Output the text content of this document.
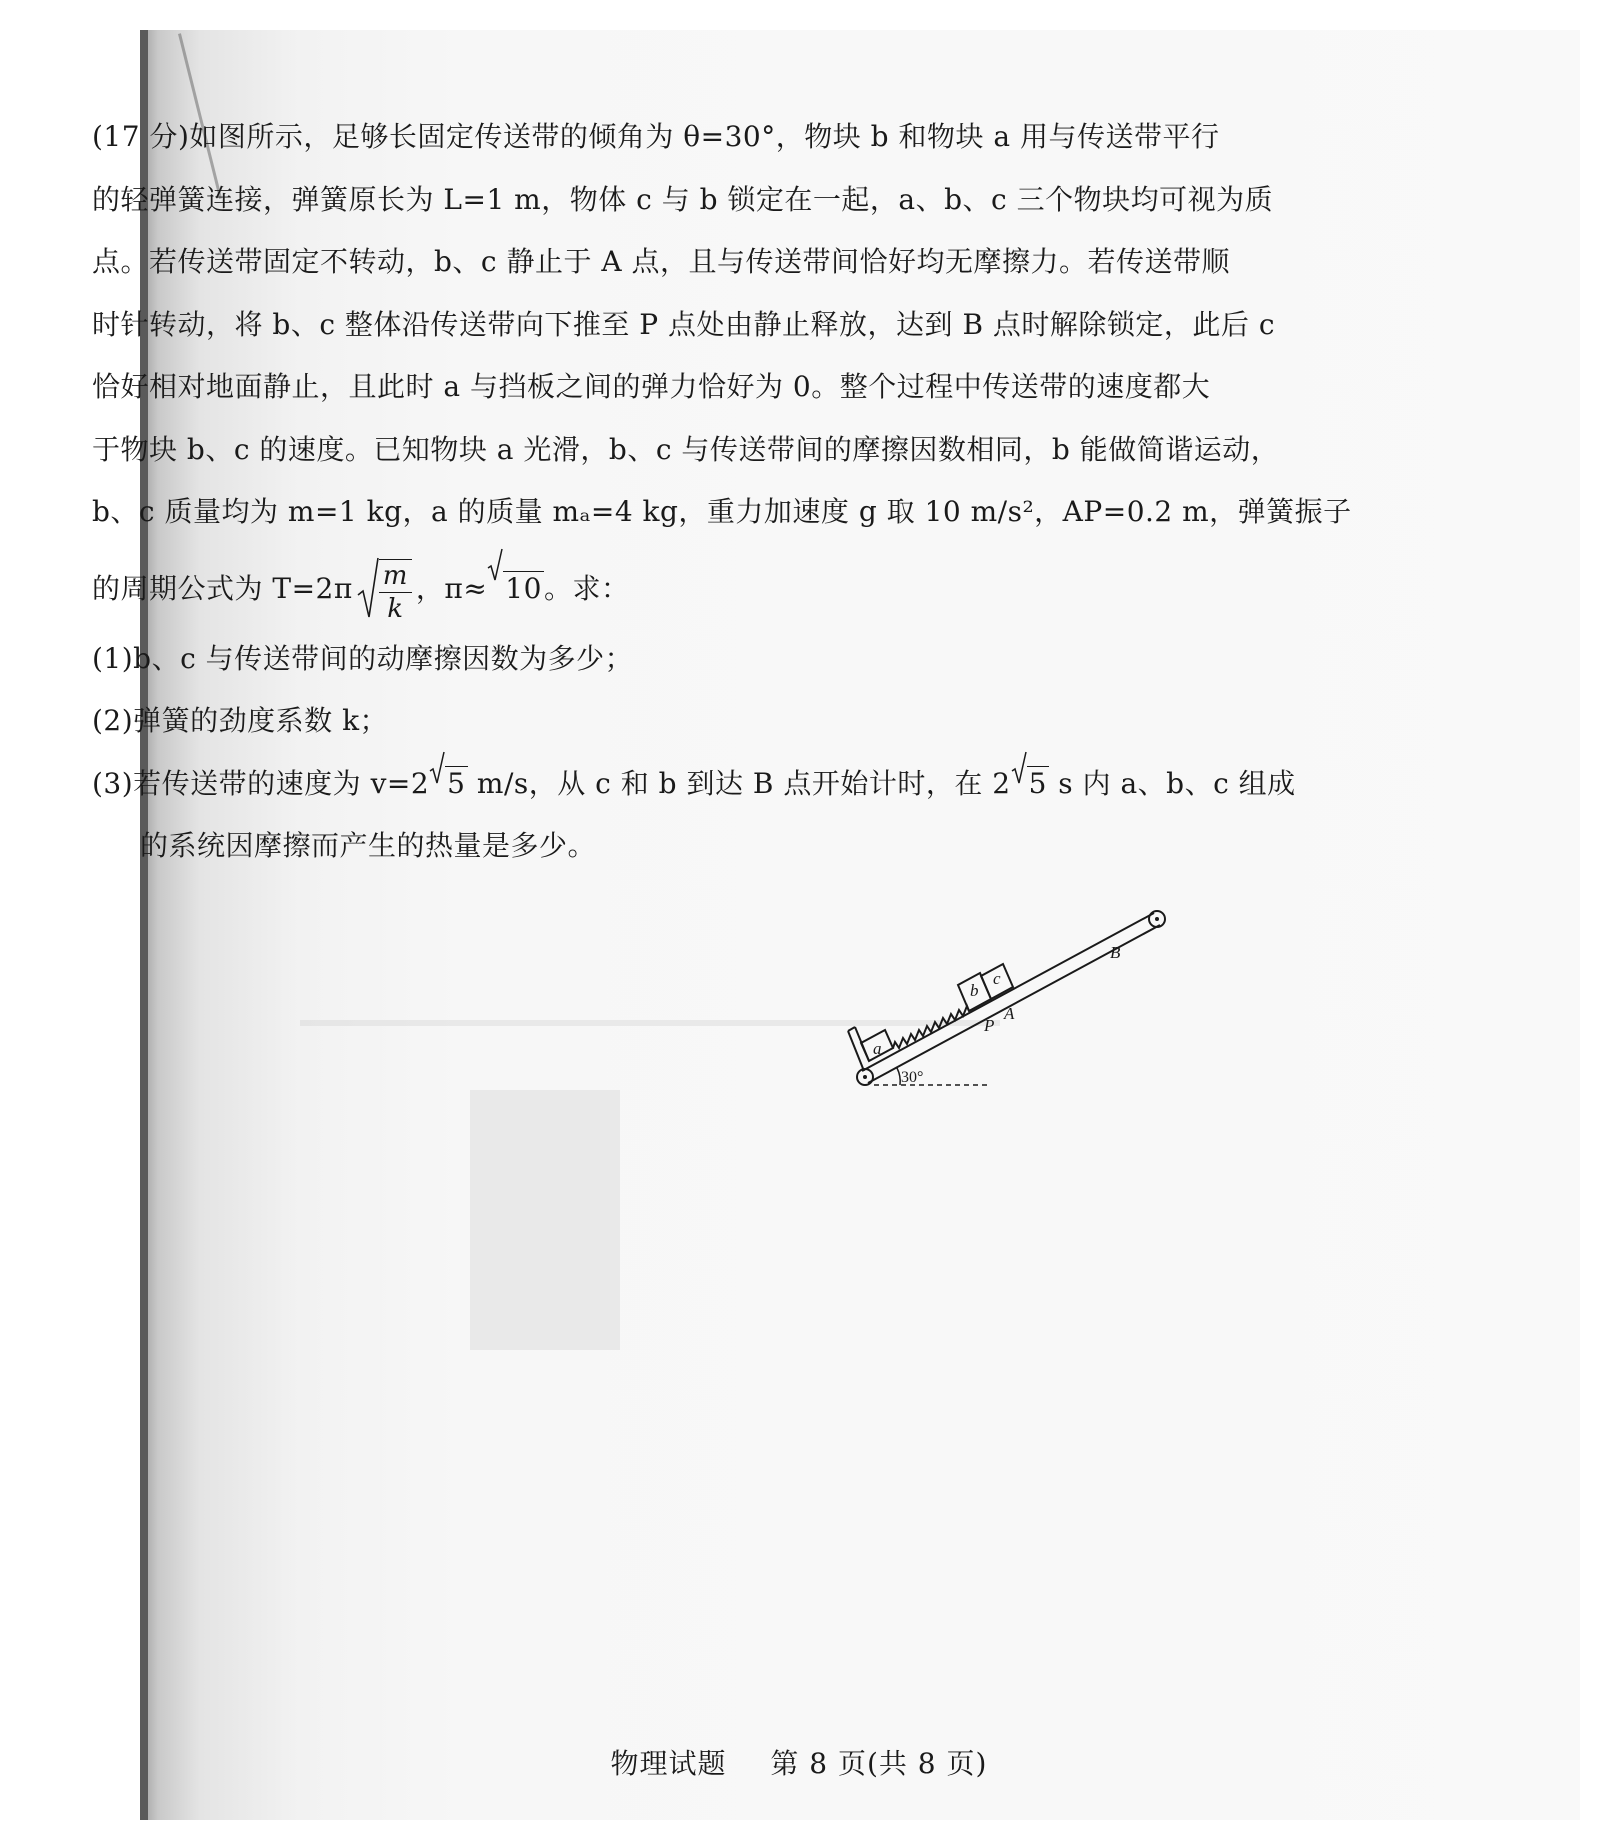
(17 分)如图所示，足够长固定传送带的倾角为 θ=30°，物块 b 和物块 a 用与传送带平行
的轻弹簧连接，弹簧原长为 L=1 m，物体 c 与 b 锁定在一起，a、b、c 三个物块均可视为质
点。若传送带固定不转动，b、c 静止于 A 点，且与传送带间恰好均无摩擦力。若传送带顺
时针转动，将 b、c 整体沿传送带向下推至 P 点处由静止释放，达到 B 点时解除锁定，此后 c
恰好相对地面静止，且此时 a 与挡板之间的弹力恰好为 0。整个过程中传送带的速度都大
于物块 b、c 的速度。已知物块 a 光滑，b、c 与传送带间的摩擦因数相同，b 能做简谐运动，
b、c 质量均为 m=1 kg，a 的质量 mₐ=4 kg，重力加速度 g 取 10 m/s²，AP=0.2 m，弹簧振子
的周期公式为 $T=2\pi \frac{m}{k}$ ，π≈ 10。求：
(1)b、c 与传送带间的动摩擦因数为多少；
(2)弹簧的劲度系数 k；
(3)若传送带的速度为 v=2 5 m/s，从 c 和 b 到达 B 点开始计时，在 2 5 s 内 a、b、c 组成
的系统因摩擦而产生的热量是多少。
a
b
c
P
A
B
30°
物理试题 第 8 页(共 8 页)
